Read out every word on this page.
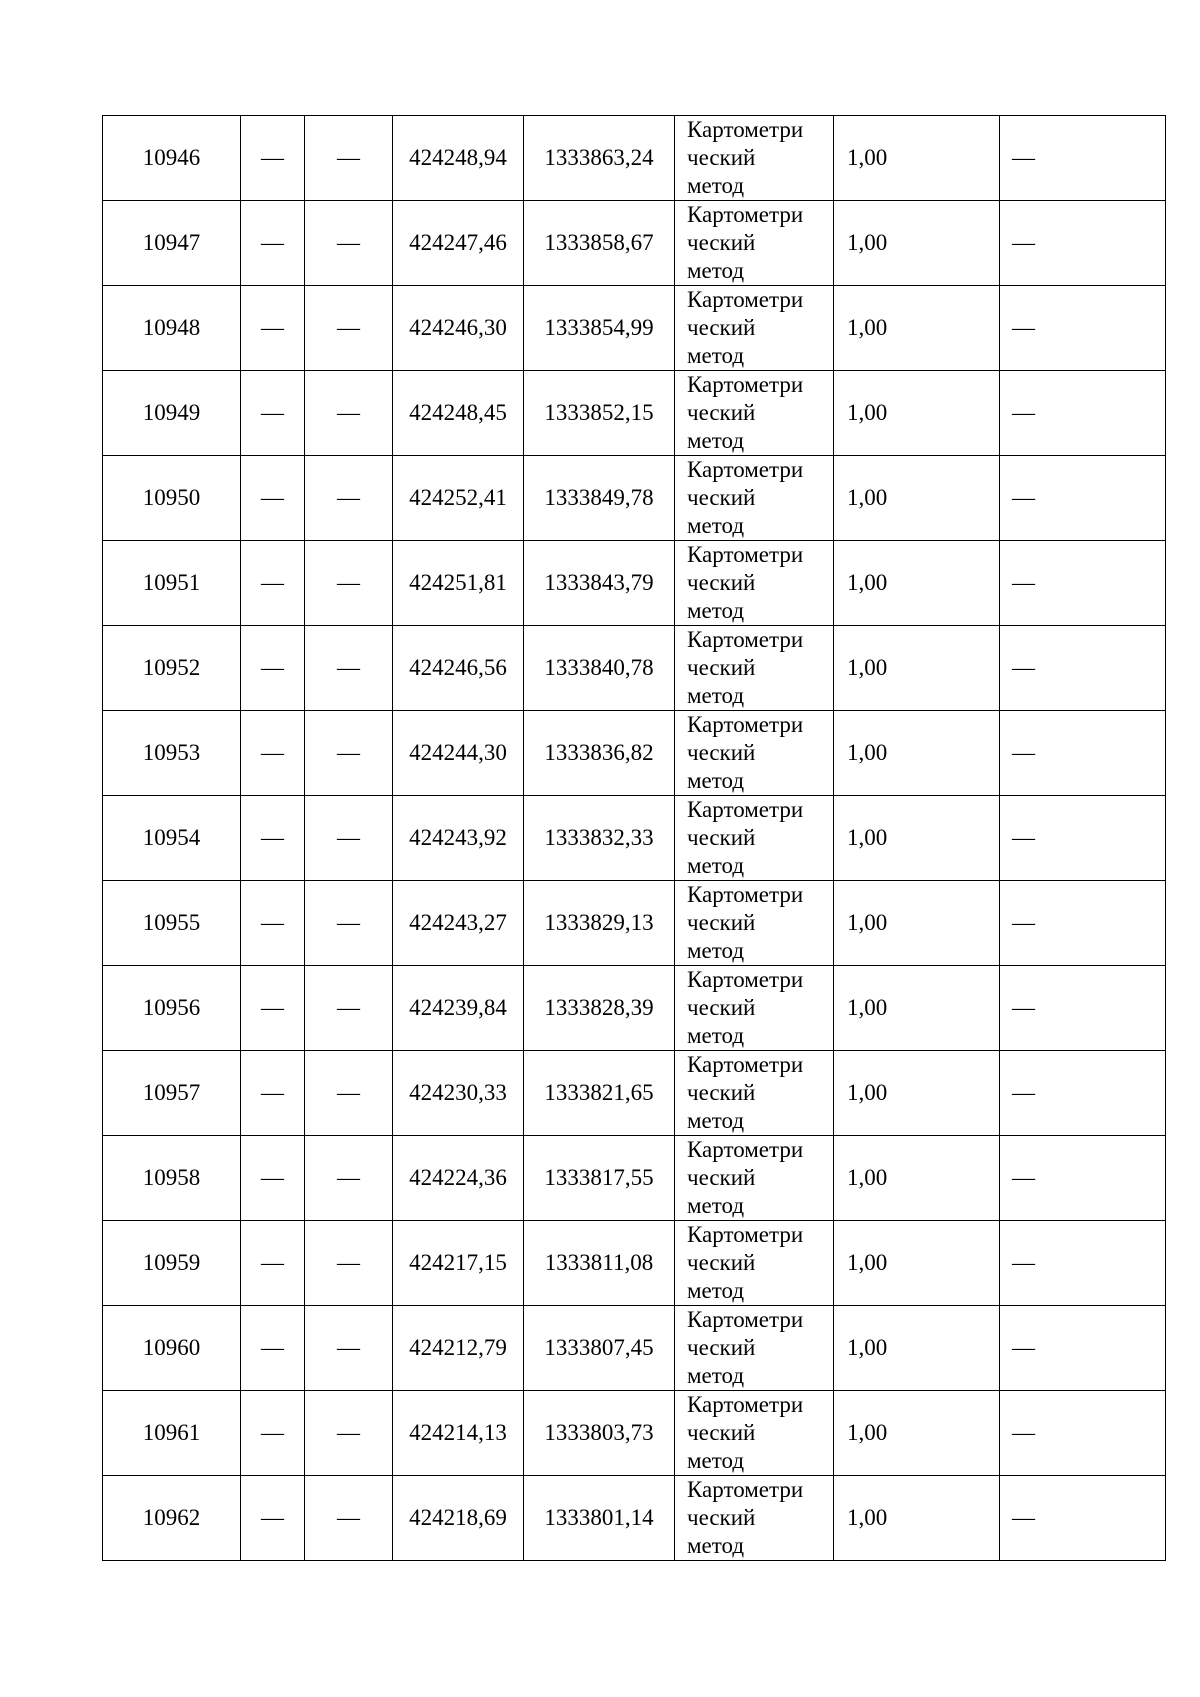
10946	—	—	424248,94	1333863,24	Картометри
ческий
метод	1,00	—
10947	—	—	424247,46	1333858,67	Картометри
ческий
метод	1,00	—
10948	—	—	424246,30	1333854,99	Картометри
ческий
метод	1,00	—
10949	—	—	424248,45	1333852,15	Картометри
ческий
метод	1,00	—
10950	—	—	424252,41	1333849,78	Картометри
ческий
метод	1,00	—
10951	—	—	424251,81	1333843,79	Картометри
ческий
метод	1,00	—
10952	—	—	424246,56	1333840,78	Картометри
ческий
метод	1,00	—
10953	—	—	424244,30	1333836,82	Картометри
ческий
метод	1,00	—
10954	—	—	424243,92	1333832,33	Картометри
ческий
метод	1,00	—
10955	—	—	424243,27	1333829,13	Картометри
ческий
метод	1,00	—
10956	—	—	424239,84	1333828,39	Картометри
ческий
метод	1,00	—
10957	—	—	424230,33	1333821,65	Картометри
ческий
метод	1,00	—
10958	—	—	424224,36	1333817,55	Картометри
ческий
метод	1,00	—
10959	—	—	424217,15	1333811,08	Картометри
ческий
метод	1,00	—
10960	—	—	424212,79	1333807,45	Картометри
ческий
метод	1,00	—
10961	—	—	424214,13	1333803,73	Картометри
ческий
метод	1,00	—
10962	—	—	424218,69	1333801,14	Картометри
ческий
метод	1,00	—
